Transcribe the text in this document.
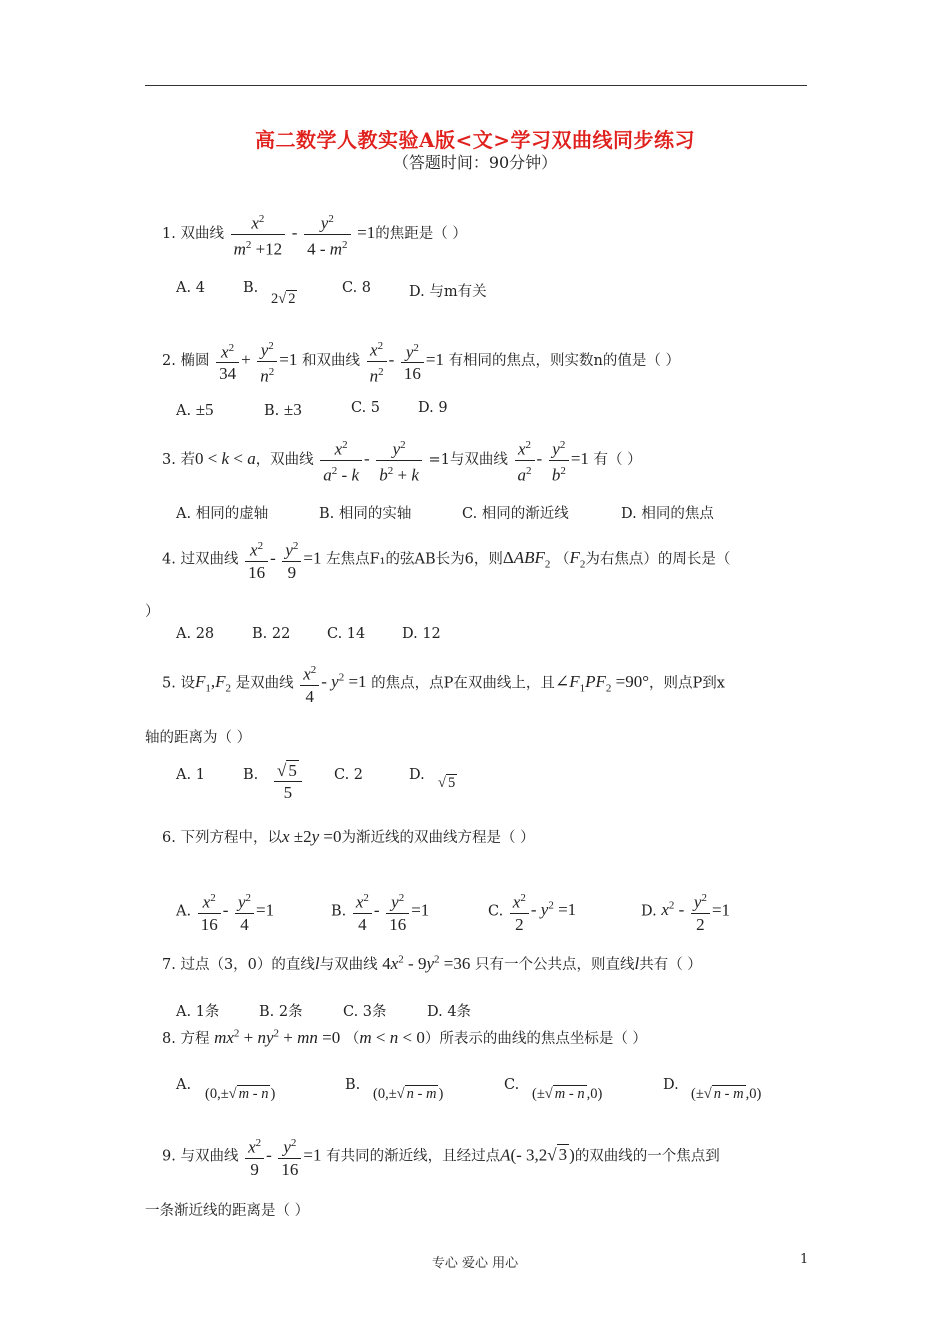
高二数学人教实验A版<文>学习双曲线同步练习
（答题时间：90分钟）
1. 双曲线 $\frac{x^2}{m^2 +12} - \frac{y^2}{4 - m^2} =1$的焦距是（ ）
A. 4	B.
2√ 2
C. 8	D. 与m有关
2. 椭圆 $\frac{x^2}{34} + \frac{y^2}{n^2} =1$ 和双曲线 $\frac{x^2}{n^2} - \frac{y^2}{16} =1$ 有相同的焦点，则实数n的值是（ ）
A. ±5	B. ±3	C. 5	D. 9
3. 若0 < k < a，双曲线 $\frac{x^2}{a^2 - k} - \frac{y^2}{b^2 + k} =1$与双曲线 $\frac{x^2}{a^2} - \frac{y^2}{b^2} =1$ 有（ ）
A. 相同的虚轴	B. 相同的实轴	C. 相同的渐近线	D. 相同的焦点
4. 过双曲线 $\frac{x^2}{16} - \frac{y^2}{9} =1$ 左焦点F₁的弦AB长为6，则$\Delta ABF_2$ （$F_2$为右焦点）的周长是（
）
A. 28	B. 22	C. 14	D. 12
5. 设$F_1,F_2$ 是双曲线 $\frac{x^2}{4} - y^2 =1$ 的焦点，点P在双曲线上，且$\angle F_1PF_2 =90^\circ$，则点P到x
轴的距离为（ ）
A. 1	B. $\frac{√ 5}{5} C$. 2	D. √ 5
6. 下列方程中，以x ±2y =0为渐近线的双曲线方程是（ ）
A. $\frac{x^2}{16} - \frac{y^2}{4} =1$	B. $\frac{x^2}{4} - \frac{y^2}{16} =1$	C. $\frac{x^2}{2} - y^2 =1$	D. $x^2 - \frac{y^2}{2} =1$
7. 过点（3，0）的直线l与双曲线 $4x^2 - 9y^2 =36$ 只有一个公共点，则直线l共有（ ）
A. 1条	B. 2条	C. 3条	D. 4条
8. 方程 $mx^2 + ny^2$ + mn =0 （m < n < 0）所表示的曲线的焦点坐标是（ ）
A.
(0,±√ m - n )
B.
(0,±√ n - m )
C.
(±√ m - n ,0)
D.
(±√ n - m ,0)
9. 与双曲线 $\frac{x^2}{9} - \frac{y^2}{16} =1$ 有共同的渐近线，且经过点A(- 3,2√ 3 )的双曲线的一个焦点到
一条渐近线的距离是（ ）
专心 爱心 用心	1
